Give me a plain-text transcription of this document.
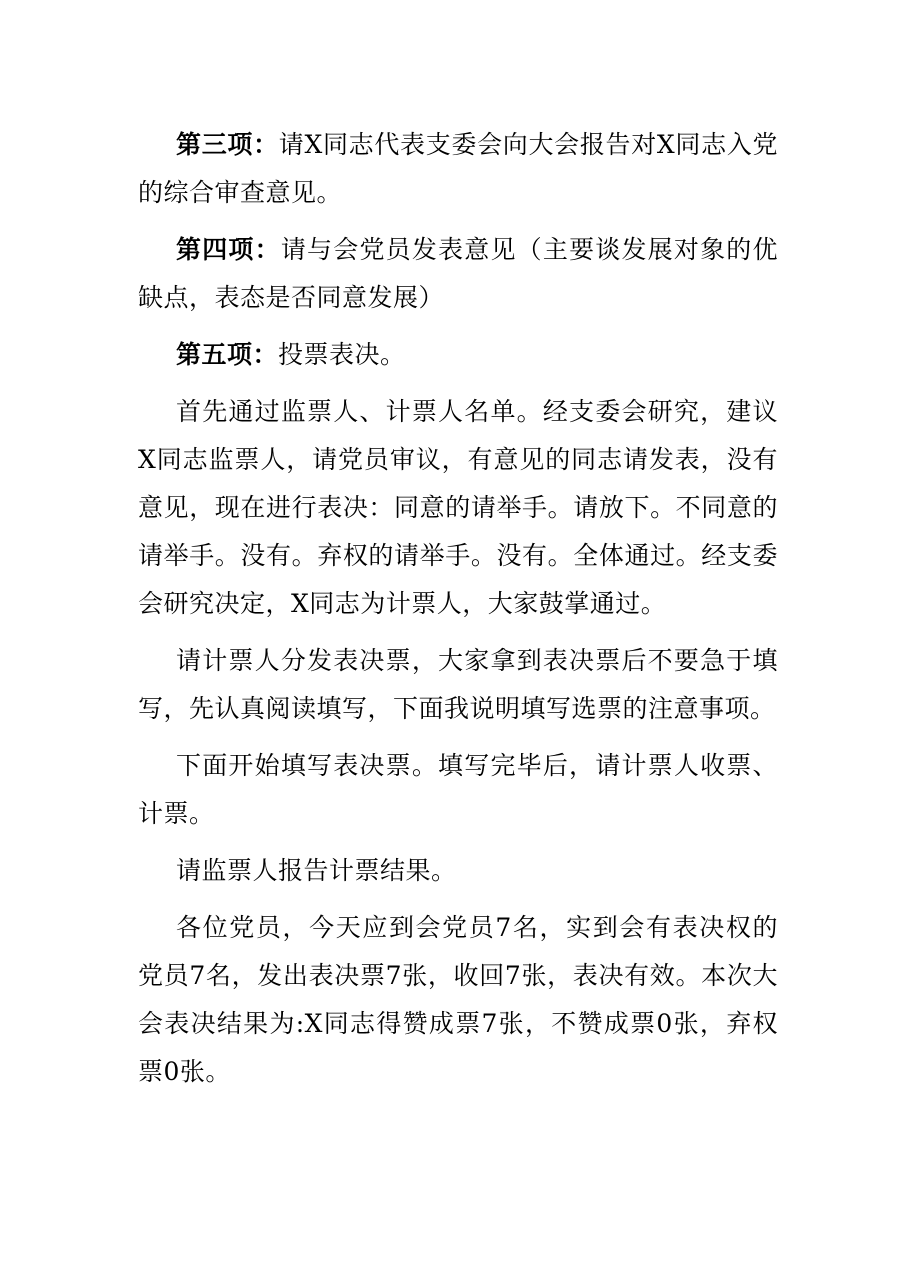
第三项：请X同志代表支委会向大会报告对X同志入党的综合审查意见。

第四项：请与会党员发表意见（主要谈发展对象的优缺点，表态是否同意发展）

第五项：投票表决。

首先通过监票人、计票人名单。经支委会研究，建议X同志监票人，请党员审议，有意见的同志请发表，没有意见，现在进行表决：同意的请举手。请放下。不同意的请举手。没有。弃权的请举手。没有。全体通过。经支委会研究决定，X同志为计票人，大家鼓掌通过。

请计票人分发表决票，大家拿到表决票后不要急于填写，先认真阅读填写，下面我说明填写选票的注意事项。

下面开始填写表决票。填写完毕后，请计票人收票、计票。

请监票人报告计票结果。

各位党员，今天应到会党员7名，实到会有表决权的党员7名，发出表决票7张，收回7张，表决有效。本次大会表决结果为:X同志得赞成票7张，不赞成票0张，弃权票0张。
